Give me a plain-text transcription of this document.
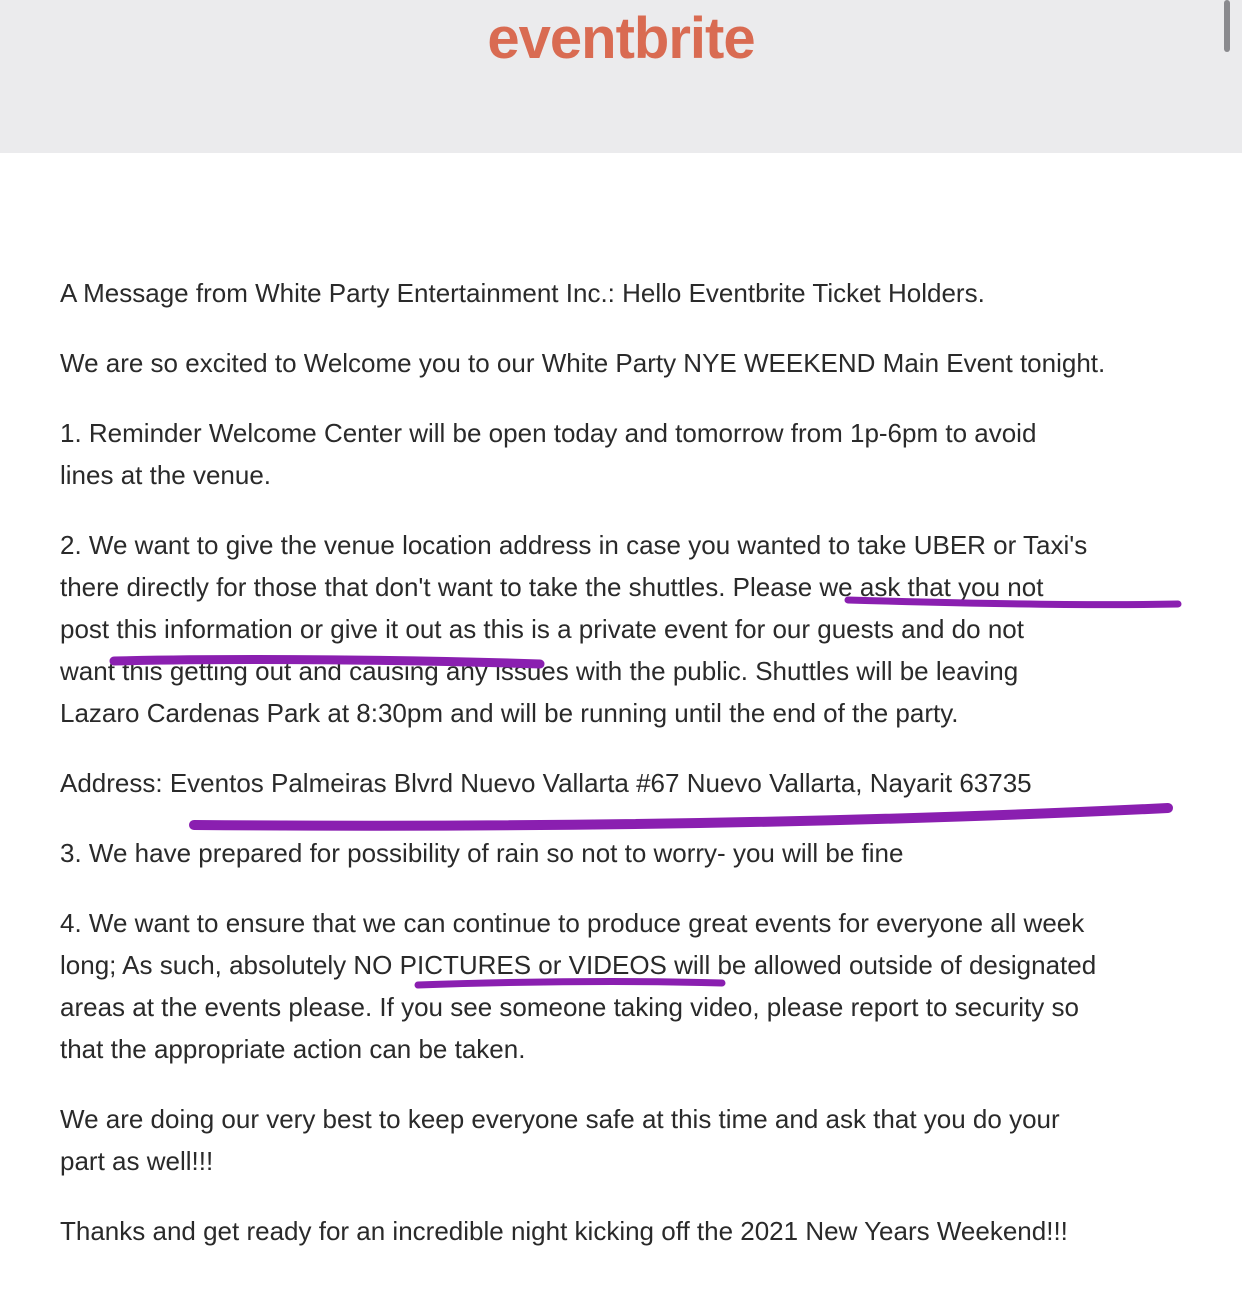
eventbrite

A Message from White Party Entertainment Inc.: Hello Eventbrite Ticket Holders.

We are so excited to Welcome you to our White Party NYE WEEKEND Main Event tonight.

1. Reminder Welcome Center will be open today and tomorrow from 1p-6pm to avoid
lines at the venue.

2. We want to give the venue location address in case you wanted to take UBER or Taxi's
there directly for those that don't want to take the shuttles. Please we ask that you not
post this information or give it out as this is a private event for our guests and do not
want this getting out and causing any issues with the public. Shuttles will be leaving
Lazaro Cardenas Park at 8:30pm and will be running until the end of the party.

Address: Eventos Palmeiras Blvrd Nuevo Vallarta #67 Nuevo Vallarta, Nayarit 63735

3. We have prepared for possibility of rain so not to worry- you will be fine

4. We want to ensure that we can continue to produce great events for everyone all week
long; As such, absolutely NO PICTURES or VIDEOS will be allowed outside of designated
areas at the events please. If you see someone taking video, please report to security so
that the appropriate action can be taken.

We are doing our very best to keep everyone safe at this time and ask that you do your
part as well!!!

Thanks and get ready for an incredible night kicking off the 2021 New Years Weekend!!!
